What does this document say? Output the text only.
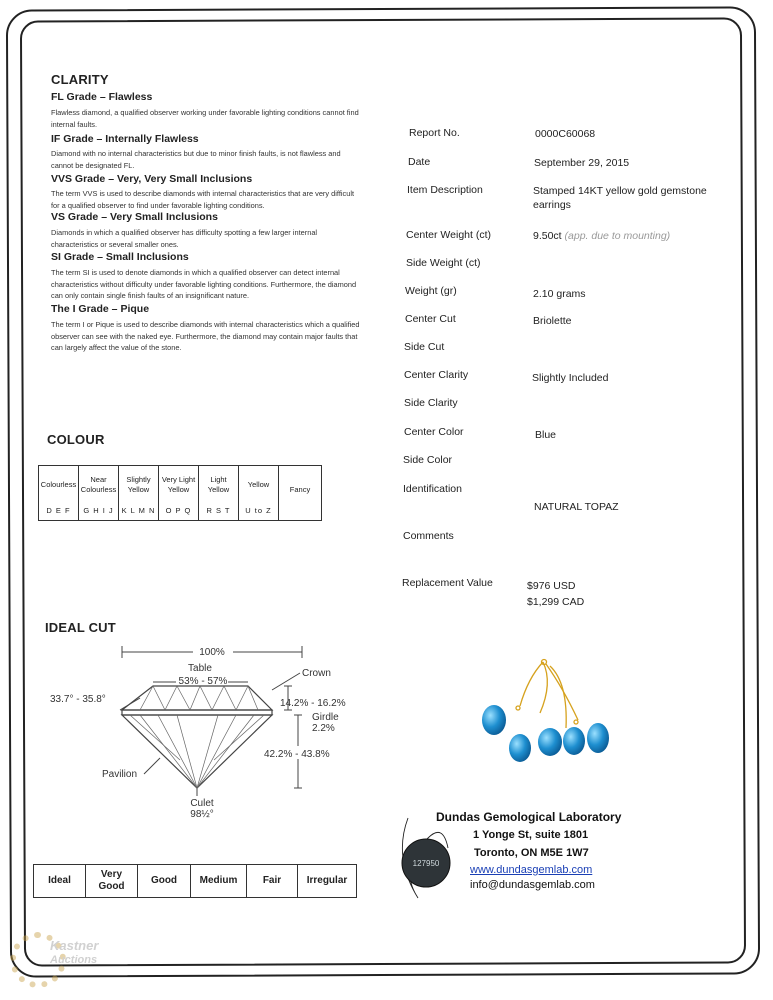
CLARITY
FL Grade – Flawless
Flawless diamond, a qualified observer working under favorable lighting conditions cannot find internal faults.
IF Grade – Internally Flawless
Diamond with no internal characteristics but due to minor finish faults, is not flawless and cannot be designated FL.
VVS Grade – Very, Very Small Inclusions
The term VVS is used to describe diamonds with internal characteristics that are very difficult for a qualified observer to find under favorable lighting conditions.
VS Grade – Very Small Inclusions
Diamonds in which a qualified observer has difficulty spotting a few larger internal characteristics or several smaller ones.
SI Grade – Small Inclusions
The term SI is used to denote diamonds in which a qualified observer can detect internal characteristics without difficulty under favorable lighting conditions. Furthermore, the diamond can only contain single finish faults of an insignificant nature.
The I Grade – Pique
The term I or Pique is used to describe diamonds with internal characteristics which a qualified observer can see with the naked eye. Furthermore, the diamond may contain major faults that can largely affect the value of the stone.
COLOUR
Colourless
D E F

Near Colourless
G H I J

Slightly Yellow
K L M N

Very Light Yellow
O P Q

Light Yellow
R S T

Yellow
U to Z

Fancy
IDEAL CUT
100%
Table
53% - 57%
Crown
33.7° - 35.8°	14.2% - 16.2%
Girdle
2.2%
42.2% - 43.8%
Pavilion
Culet
98½°
Ideal	Very Good	Good	Medium	Fair	Irregular
Report No.	0000C60068
Date	September 29, 2015
Item Description	Stamped 14KT yellow gold gemstone earrings
Center Weight (ct)	9.50ct (app. due to mounting)
Side Weight (ct)
Weight (gr)	2.10 grams
Center Cut	Briolette
Side Cut
Center Clarity	Slightly Included
Side Clarity
Center Color	Blue
Side Color
Identification
NATURAL TOPAZ
Comments
Replacement Value	$976 USD
$1,299 CAD
127950
Dundas Gemological Laboratory
1 Yonge St, suite 1801
Toronto, ON M5E 1W7
www.dundasgemlab.com
info@dundasgemlab.com
Kastner
Auctions
